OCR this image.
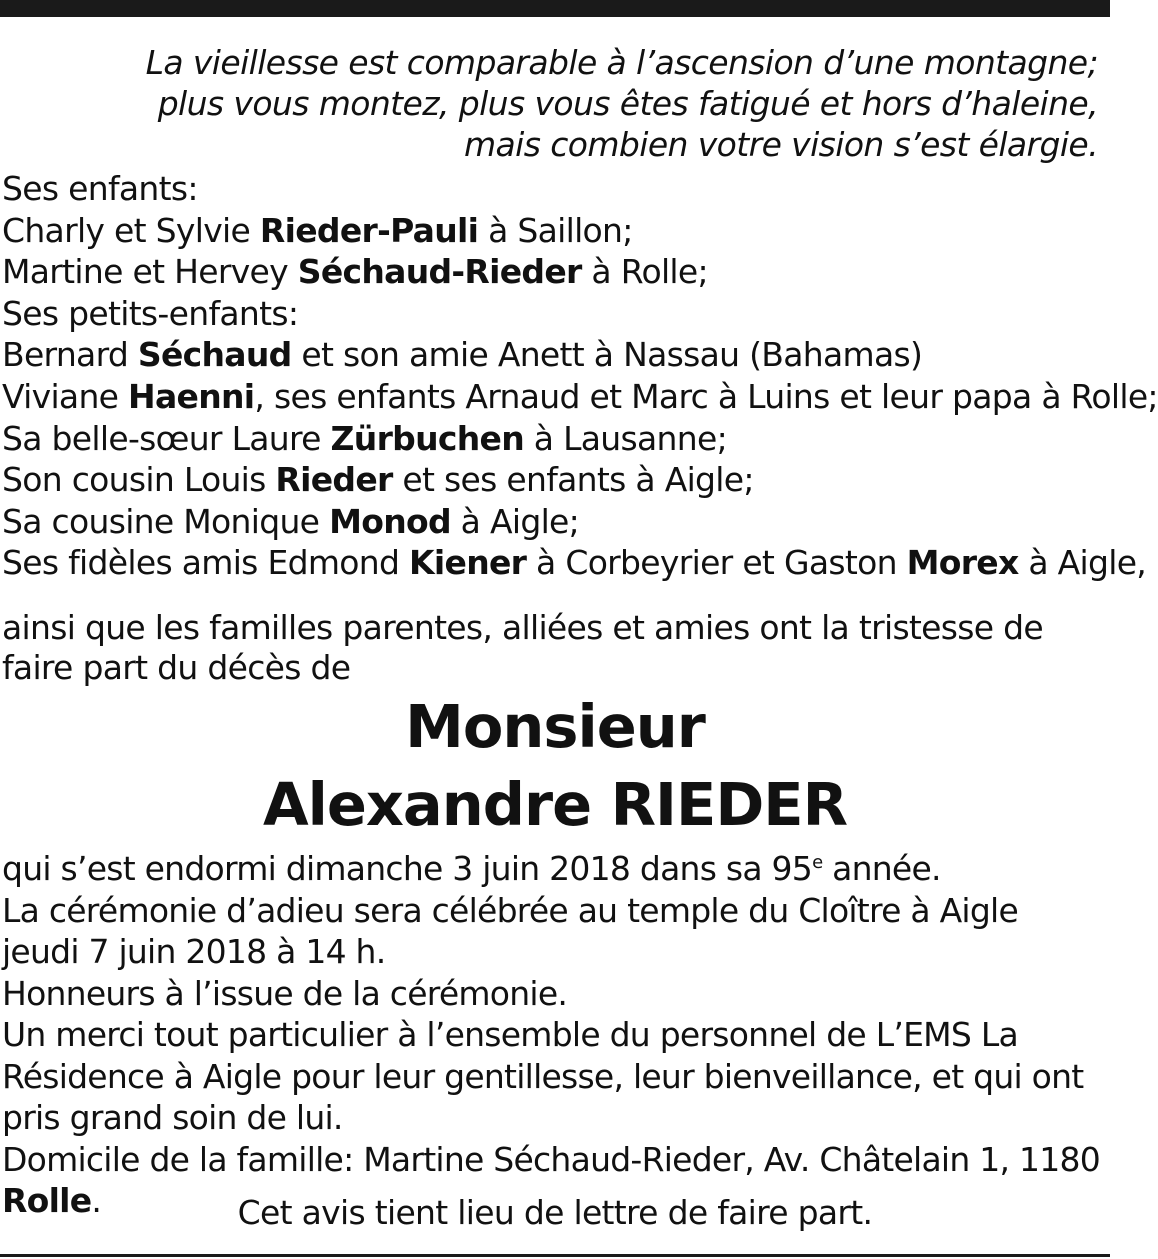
La vieillesse est comparable à l’ascension d’une montagne;
plus vous montez, plus vous êtes fatigué et hors d’haleine,
mais combien votre vision s’est élargie.
Ses enfants:
Charly et Sylvie Rieder-Pauli à Saillon;
Martine et Hervey Séchaud-Rieder à Rolle;
Ses petits-enfants:
Bernard Séchaud et son amie Anett à Nassau (Bahamas)
Viviane Haenni, ses enfants Arnaud et Marc à Luins et leur papa à Rolle;
Sa belle-sœur Laure Zürbuchen à Lausanne;
Son cousin Louis Rieder et ses enfants à Aigle;
Sa cousine Monique Monod à Aigle;
Ses fidèles amis Edmond Kiener à Corbeyrier et Gaston Morex à Aigle,
ainsi que les familles parentes, alliées et amies ont la tristesse de faire part du décès de
Monsieur
Alexandre RIEDER

qui s’est endormi dimanche 3 juin 2018 dans sa 95e année.

La cérémonie d’adieu sera célébrée au temple du Cloître à Aigle jeudi 7 juin 2018 à 14 h.

Honneurs à l’issue de la cérémonie.

Un merci tout particulier à l’ensemble du personnel de L’EMS La Résidence à Aigle pour leur gentillesse, leur bienveillance, et qui ont pris grand soin de lui.

Domicile de la famille: Martine Séchaud-Rieder, Av. Châtelain 1, 1180 Rolle.	Cet avis tient lieu de lettre de faire part.
